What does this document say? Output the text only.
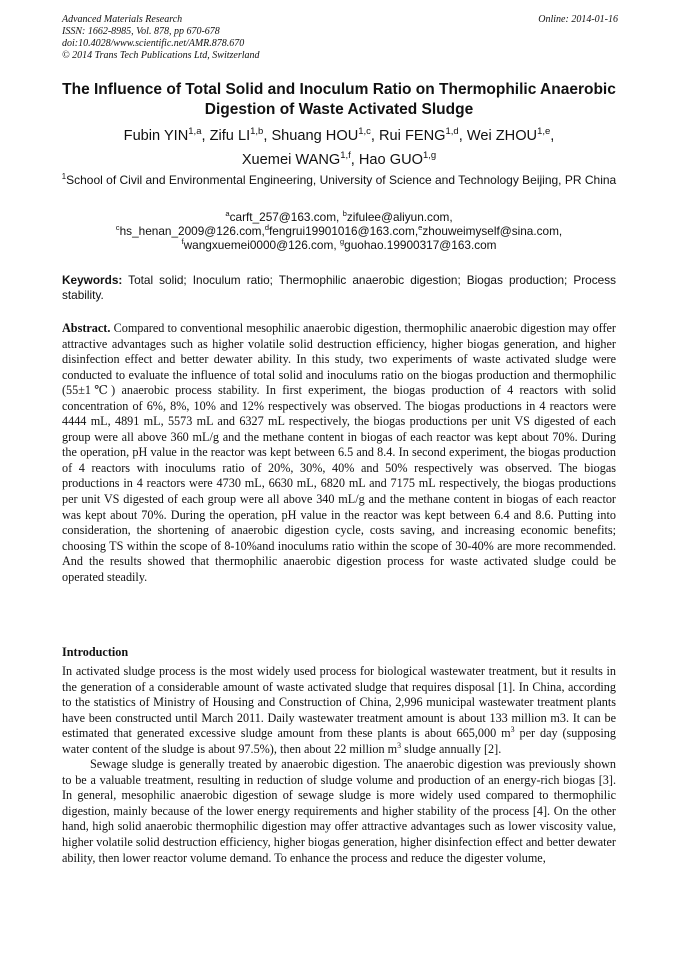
Advanced Materials Research
ISSN: 1662-8985, Vol. 878, pp 670-678
doi:10.4028/www.scientific.net/AMR.878.670
© 2014 Trans Tech Publications Ltd, Switzerland
Online: 2014-01-16
The Influence of Total Solid and Inoculum Ratio on Thermophilic Anaerobic Digestion of Waste Activated Sludge
Fubin YIN$^{1,a}$, Zifu LI$^{1,b}$, Shuang HOU$^{1,c}$, Rui FENG$^{1,d}$, Wei ZHOU$^{1,e}$,
Xuemei WANG$^{1,f}$, Hao GUO$^{1,g}$
$^1$School of Civil and Environmental Engineering, University of Science and Technology Beijing, PR China
$^a$carft_257@163.com, $^b$zifulee@aliyun.com,
$^c$hs_henan_2009@126.com,$^d$fengrui19901016@163.com,$^e$zhouweimyself@sina.com,
$^f$wangxuemei0000@126.com, $^g$guohao.19900317@163.com
Keywords: Total solid; Inoculum ratio; Thermophilic anaerobic digestion; Biogas production; Process stability.
Abstract. Compared to conventional mesophilic anaerobic digestion, thermophilic anaerobic digestion may offer attractive advantages such as higher volatile solid destruction efficiency, higher biogas generation, and higher disinfection effect and better dewater ability. In this study, two experiments of waste activated sludge were conducted to evaluate the influence of total solid and inoculums ratio on the biogas production and thermophilic (55±1℃) anaerobic process stability. In first experiment, the biogas production of 4 reactors with solid concentration of 6%, 8%, 10% and 12% respectively was observed. The biogas productions in 4 reactors were 4444 mL, 4891 mL, 5573 mL and 6327 mL respectively, the biogas productions per unit VS digested of each group were all above 360 mL/g and the methane content in biogas of each reactor was kept about 70%. During the operation, pH value in the reactor was kept between 6.5 and 8.4. In second experiment, the biogas production of 4 reactors with inoculums ratio of 20%, 30%, 40% and 50% respectively was observed. The biogas productions in 4 reactors were 4730 mL, 6630 mL, 6820 mL and 7175 mL respectively, the biogas productions per unit VS digested of each group were all above 340 mL/g and the methane content in biogas of each reactor was kept about 70%. During the operation, pH value in the reactor was kept between 6.4 and 8.6. Putting into consideration, the shortening of anaerobic digestion cycle, costs saving, and increasing economic benefits; choosing TS within the scope of 8-10%and inoculums ratio within the scope of 30-40% are more recommended. And the results showed that thermophilic anaerobic digestion process for waste activated sludge could be operated steadily.
Introduction

In activated sludge process is the most widely used process for biological wastewater treatment, but it results in the generation of a considerable amount of waste activated sludge that requires disposal [1]. In China, according to the statistics of Ministry of Housing and Construction of China, 2,996 municipal wastewater treatment plants have been constructed until March 2011. Daily wastewater treatment amount is about 133 million m3. It can be estimated that generated excessive sludge amount from these plants is about 665,000 $m^3$ per day (supposing water content of the sludge is about 97.5%), then about 22 million $m^3$ sludge annually [2].

Sewage sludge is generally treated by anaerobic digestion. The anaerobic digestion was previously shown to be a valuable treatment, resulting in reduction of sludge volume and production of an energy-rich biogas [3]. In general, mesophilic anaerobic digestion of sewage sludge is more widely used compared to thermophilic digestion, mainly because of the lower energy requirements and higher stability of the process [4]. On the other hand, high solid anaerobic thermophilic digestion may offer attractive advantages such as lower viscosity value, higher volatile solid destruction efficiency, higher biogas generation, higher disinfection effect and better dewater ability, then lower reactor volume demand. To enhance the process and reduce the digester volume,
